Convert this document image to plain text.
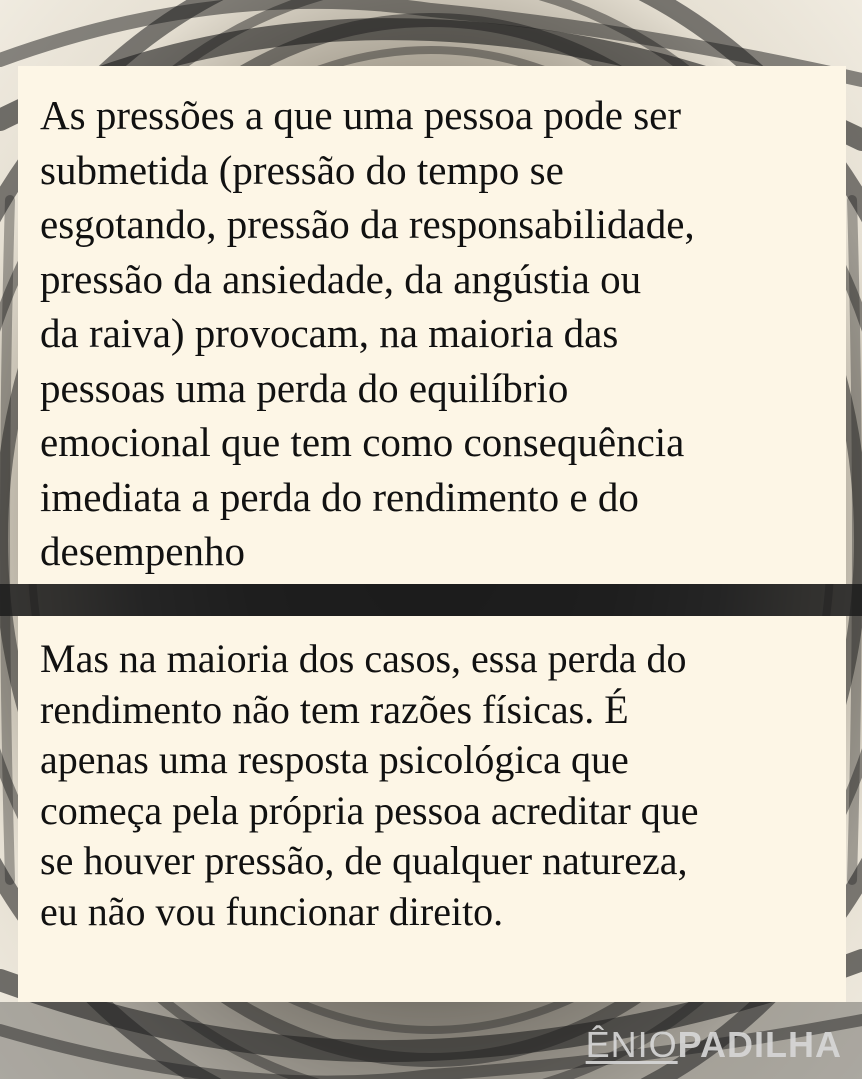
As pressões a que uma pessoa pode ser
submetida (pressão do tempo se
esgotando, pressão da responsabilidade,
pressão da ansiedade, da angústia ou
da raiva) provocam, na maioria das
pessoas uma perda do equilíbrio
emocional que tem como consequência
imediata a perda do rendimento e do
desempenho

Mas na maioria dos casos, essa perda do
rendimento não tem razões físicas. É
apenas uma resposta psicológica que
começa pela própria pessoa acreditar que
se houver pressão, de qualquer natureza,
eu não vou funcionar direito.

ÊNIO PADILHA
